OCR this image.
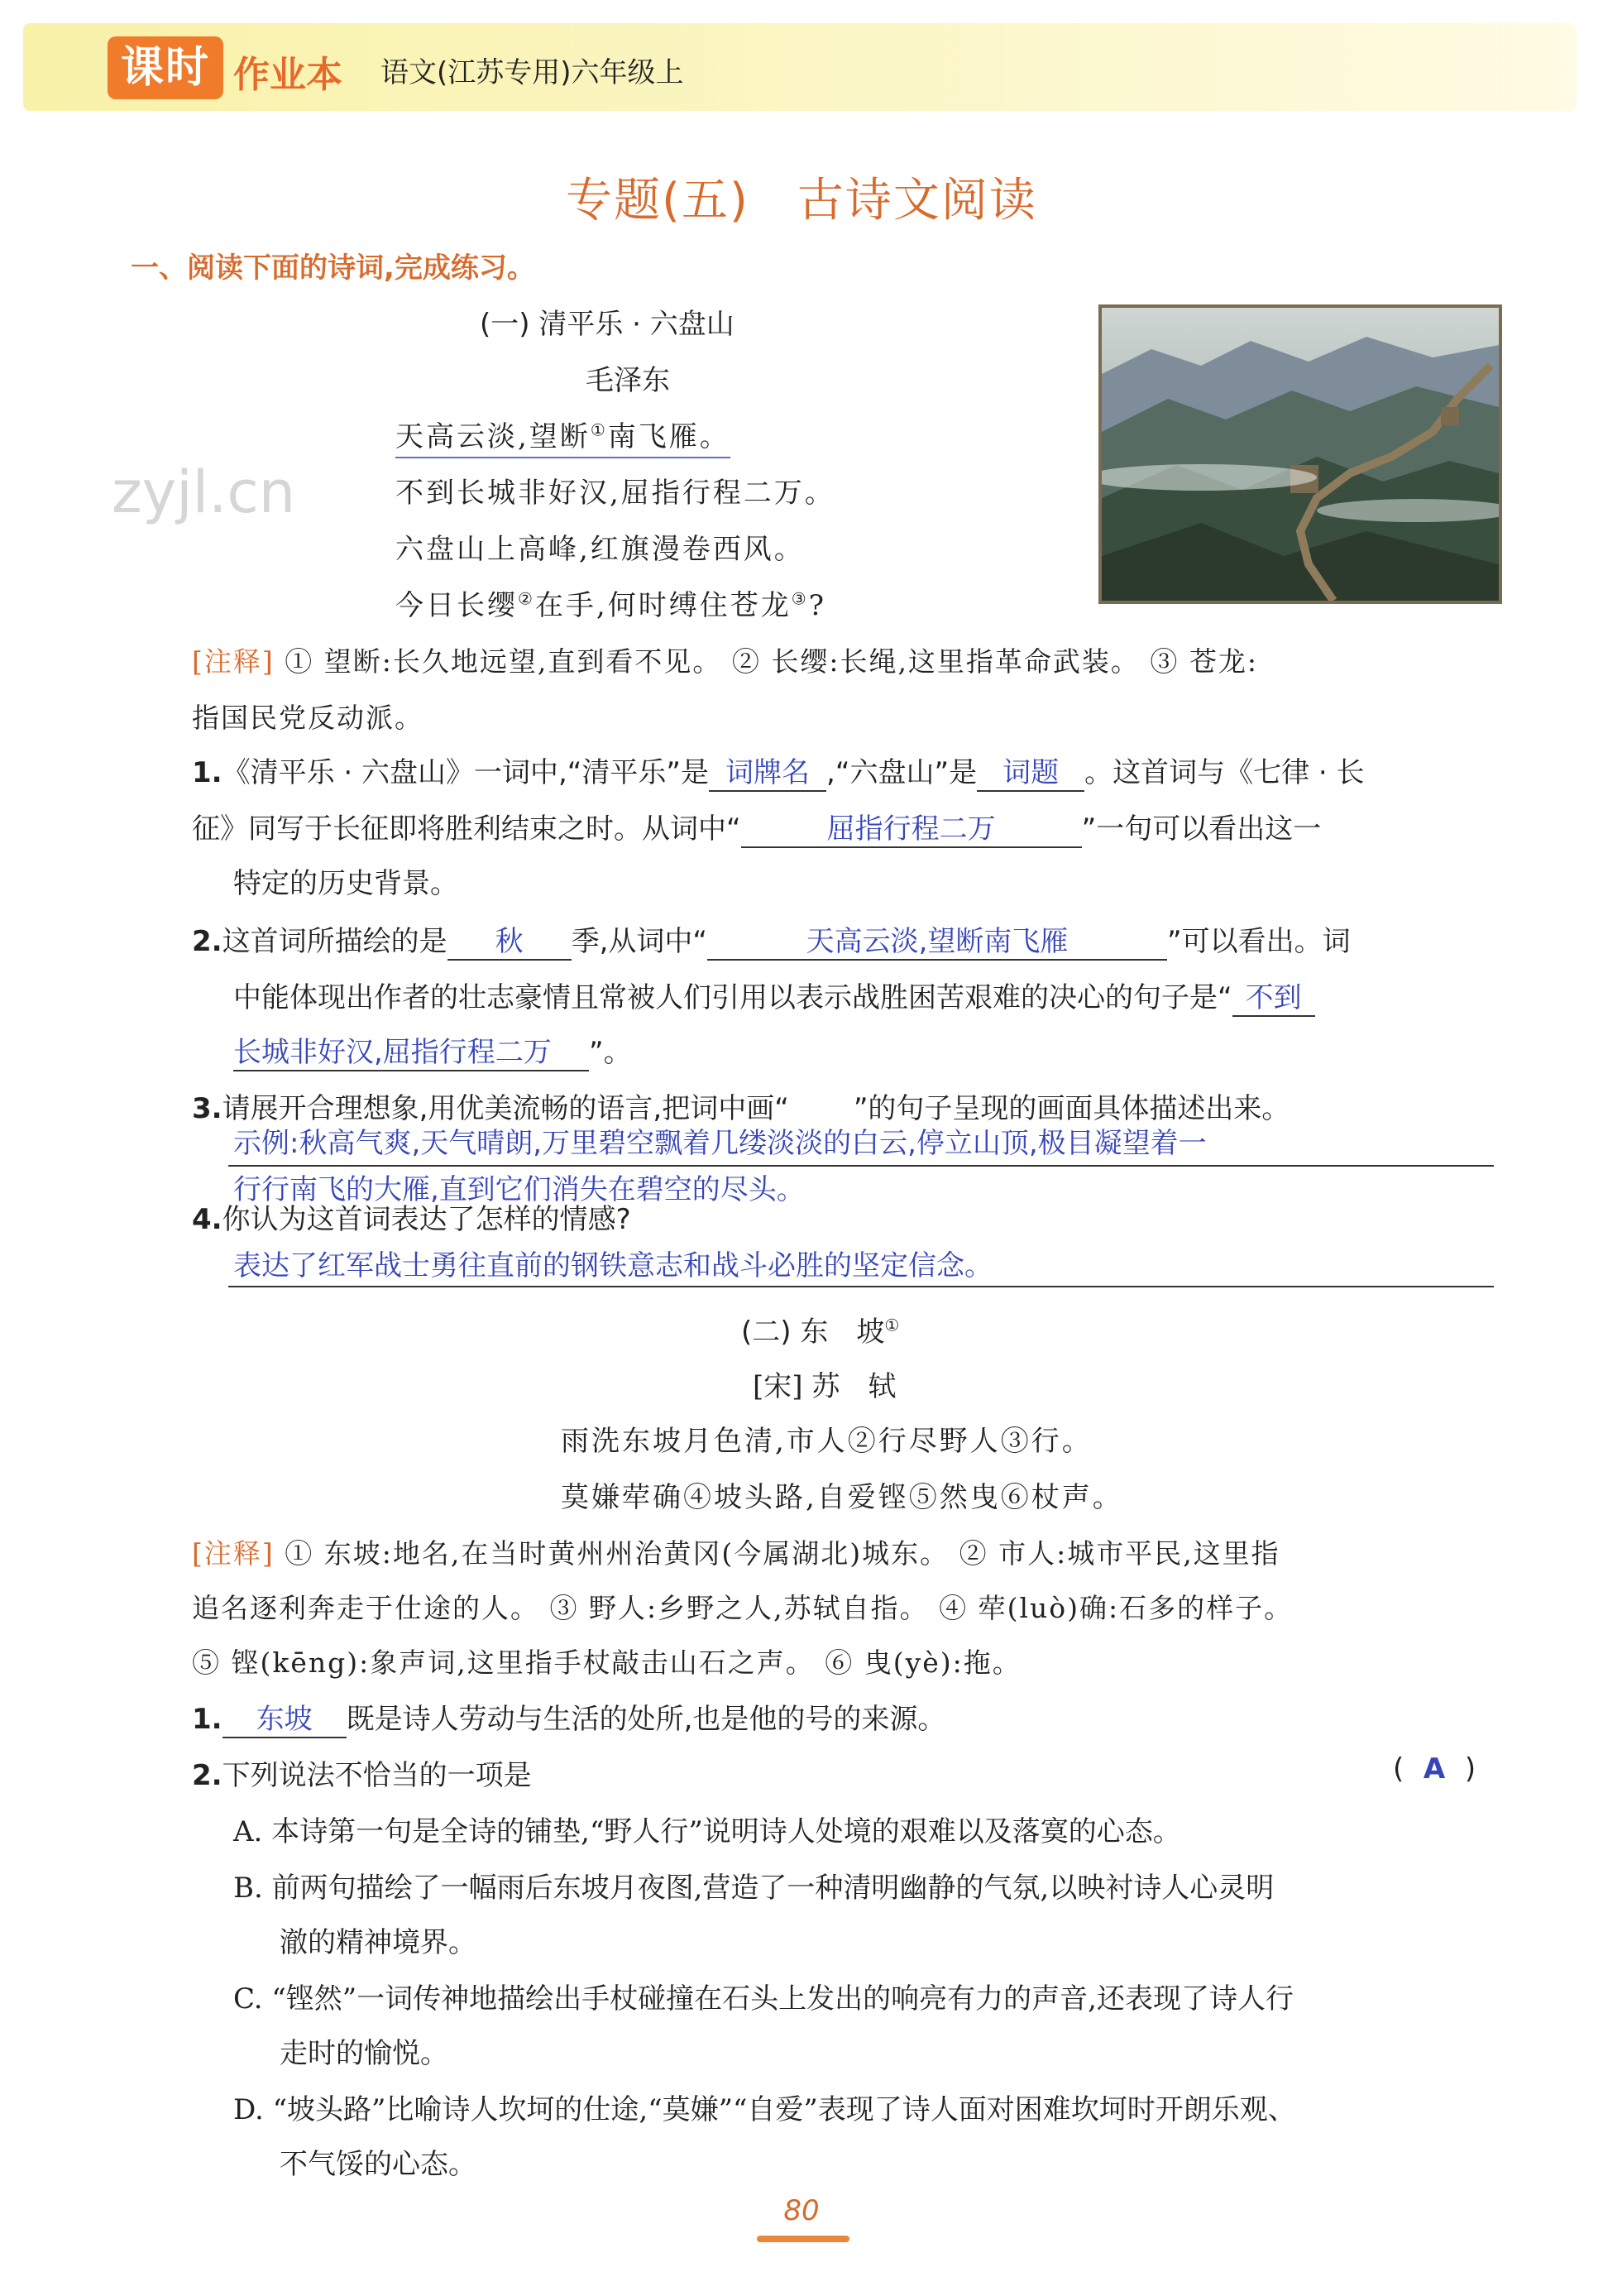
课时 作业本 语文(江苏专用)六年级上
专题(五)　古诗文阅读
一、阅读下面的诗词,完成练习。
zyjl.cn
(一) 清平乐 · 六盘山
毛泽东
天高云淡,望断①南飞雁。
不到长城非好汉,屈指行程二万。
六盘山上高峰,红旗漫卷西风。
今日长缨②在手,何时缚住苍龙③?
[注释] ① 望断:长久地远望,直到看不见。 ② 长缨:长绳,这里指革命武装。 ③ 苍龙:
指国民党反动派。
1.《清平乐 · 六盘山》一词中,“清平乐”是 词牌名 ,“六盘山”是 词题 。这首词与《七律 · 长
征》同写于长征即将胜利结束之时。从词中“	屈指行程二万	”一句可以看出这一
特定的历史背景。
2.这首词所描绘的是 秋 季,从词中“	天高云淡,望断南飞雁	”可以看出。词
中能体现出作者的壮志豪情且常被人们引用以表示战胜困苦艰难的决心的句子是“ 不到
长城非好汉,屈指行程二万 ”。
3.请展开合理想象,用优美流畅的语言,把词中画“ ”的句子呈现的画面具体描述出来。
示例:秋高气爽,天气晴朗,万里碧空飘着几缕淡淡的白云,停立山顶,极目凝望着一
行行南飞的大雁,直到它们消失在碧空的尽头。
4.你认为这首词表达了怎样的情感?
表达了红军战士勇往直前的钢铁意志和战斗必胜的坚定信念。
(二) 东　坡①
[宋] 苏　轼
雨洗东坡月色清,市人②行尽野人③行。
莫嫌荦确④坡头路,自爱铿⑤然曳⑥杖声。
[注释] ① 东坡:地名,在当时黄州州治黄冈(今属湖北)城东。 ② 市人:城市平民,这里指
追名逐利奔走于仕途的人。 ③ 野人:乡野之人,苏轼自指。 ④ 荦(luò)确:石多的样子。
⑤ 铿(kēng):象声词,这里指手杖敲击山石之声。 ⑥ 曳(yè):拖。
1. 东坡 既是诗人劳动与生活的处所,也是他的号的来源。
2.下列说法不恰当的一项是	( A )
A. 本诗第一句是全诗的铺垫,“野人行”说明诗人处境的艰难以及落寞的心态。
B. 前两句描绘了一幅雨后东坡月夜图,营造了一种清明幽静的气氛,以映衬诗人心灵明
澈的精神境界。
C. “铿然”一词传神地描绘出手杖碰撞在石头上发出的响亮有力的声音,还表现了诗人行
走时的愉悦。
D. “坡头路”比喻诗人坎坷的仕途,“莫嫌”“自爱”表现了诗人面对困难坎坷时开朗乐观、
不气馁的心态。
80
